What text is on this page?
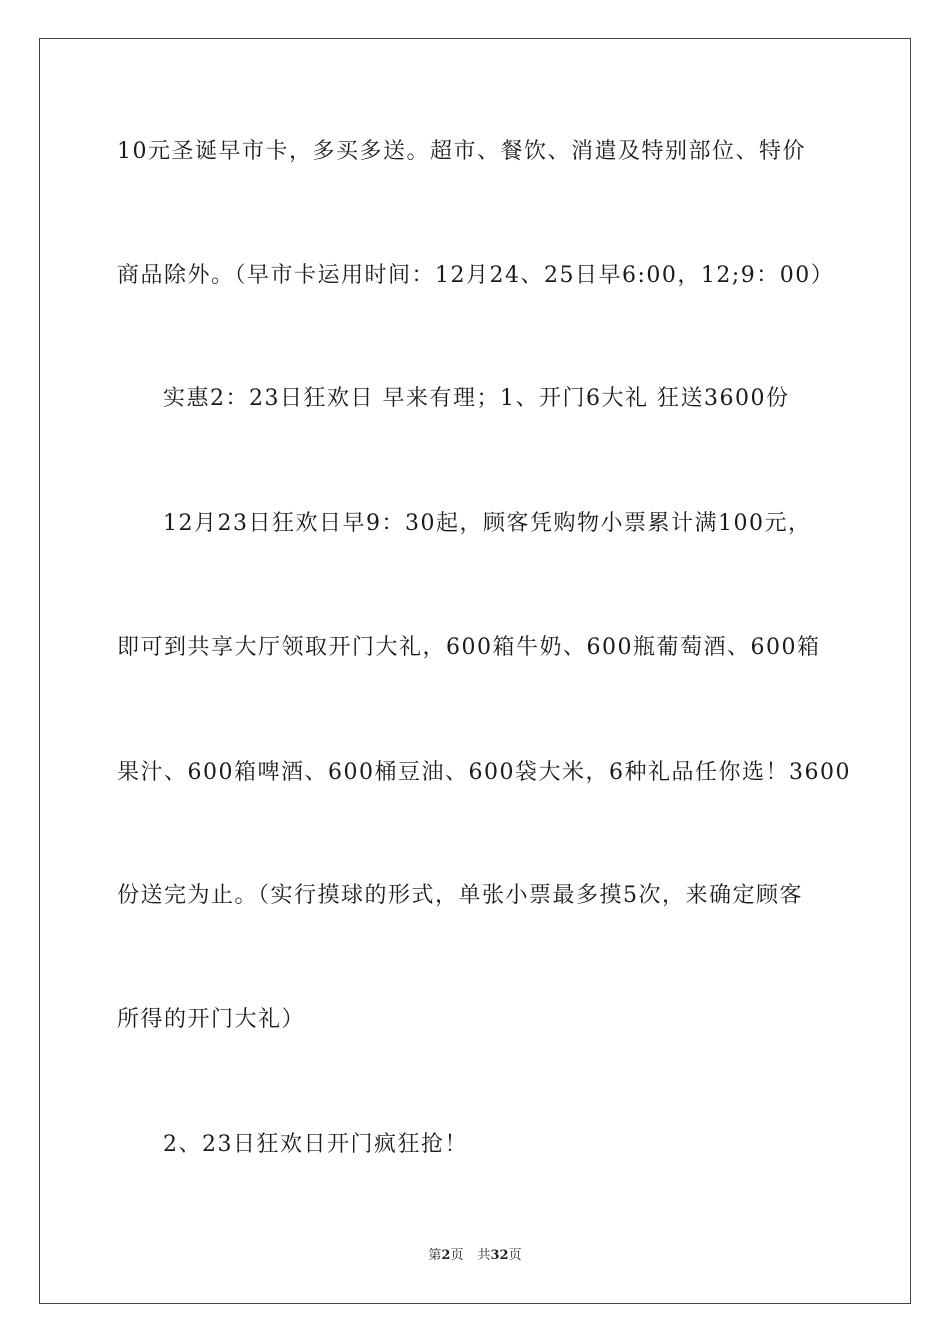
10元圣诞早市卡，多买多送。超市、餐饮、消遣及特别部位、特价
商品除外。（早市卡运用时间：12月24、25日早6:00，12;9：00）
实惠2：23日狂欢日 早来有理；1、开门6大礼 狂送3600份
12月23日狂欢日早9：30起，顾客凭购物小票累计满100元，
即可到共享大厅领取开门大礼，600箱牛奶、600瓶葡萄酒、600箱
果汁、600箱啤酒、600桶豆油、600袋大米，6种礼品任你选！3600
份送完为止。（实行摸球的形式，单张小票最多摸5次，来确定顾客
所得的开门大礼）
2、23日狂欢日开门疯狂抢！
第2页 共32页
